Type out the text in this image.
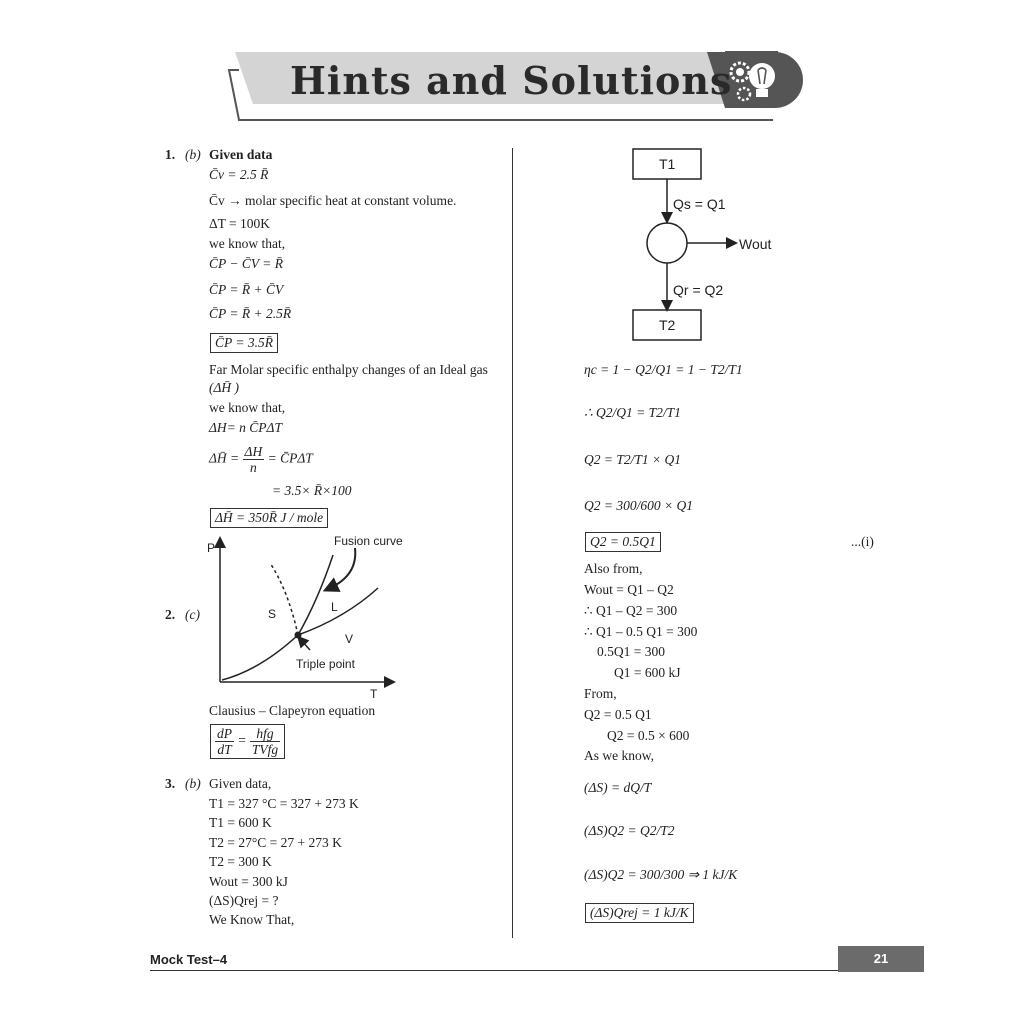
Hints and Solutions
1. (b) Given data
C̄v = 2.5 R̄
C̄v → molar specific heat at constant volume.
ΔT = 100K
we know that,
C̄P − C̄V = R̄
C̄P = R̄ + C̄V
C̄P = R̄ + 2.5R̄
C̄P = 3.5R̄
Far Molar specific enthalpy changes of an Ideal gas
(ΔH̄ )
we know that,
ΔH= n C̄PΔT
ΔH̄ = $\frac{\Delta H}{n}$ = C̄PΔT
= 3.5× R̄×100
ΔH̄ = 350R̄ J / mole
2. (c)
P
T
S	L
V
Fusion curve
Triple point
Clausius – Clapeyron equation
$\frac{dP}{dT} = \frac{\text{hfg}}{\text{TVfg}}$
3. (b) Given data,
T1 = 327 °C = 327 + 273 K
T1 = 600 K
T2 = 27°C = 27 + 273 K
T2 = 300 K
Wout = 300 kJ
(ΔS)Qrej = ?
We Know That,
T1
Qs = Q1
Wout
Qr = Q2
T2
ηc = 1 − Q2/Q1 = 1 − T2/T1
∴ Q2/Q1 = T2/T1
Q2 = T2/T1 × Q1
Q2 = 300/600 × Q1
Q2 = 0.5Q1	...(i)
Also from,
Wout = Q1 – Q2
∴ Q1 – Q2 = 300
∴ Q1 – 0.5 Q1 = 300
0.5Q1 = 300
Q1 = 600 kJ
From,
Q2 = 0.5 Q1
Q2 = 0.5 × 600
As we know,
(ΔS) = dQ/T
(ΔS)Q2 = Q2/T2
(ΔS)Q2 = 300/300 ⇒ 1 kJ/K
(ΔS)Qrej = 1 kJ/K
Mock Test–4	21
